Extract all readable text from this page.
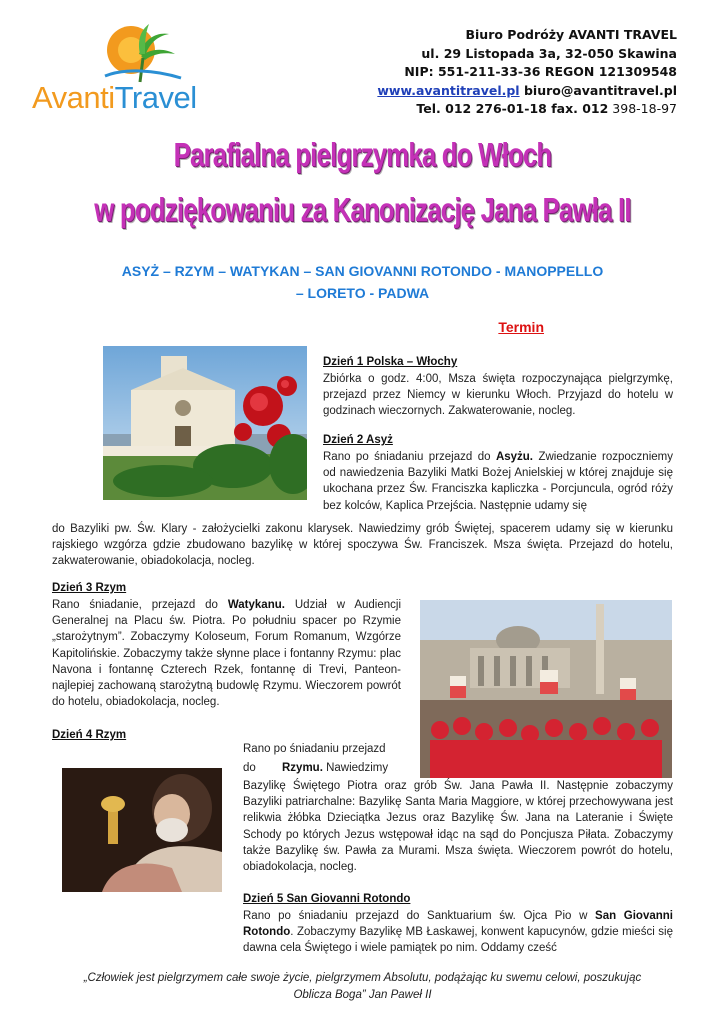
AvantiTravel
Biuro Podróży AVANTI TRAVEL
ul. 29 Listopada 3a, 32-050 Skawina
NIP: 551-211-33-36 REGON 121309548
www.avantitravel.pl biuro@avantitravel.pl
Tel. 012 276-01-18 fax. 012 398-18-97
Parafialna pielgrzymka do Włoch
w podziękowaniu za Kanonizację Jana Pawła II
ASYŻ – RZYM – WATYKAN – SAN GIOVANNI ROTONDO - MANOPPELLO
– LORETO - PADWA
Termin
Dzień 1 Polska – Włochy
Zbiórka o godz. 4:00, Msza święta rozpoczynająca pielgrzymkę, przejazd przez Niemcy w kierunku Włoch. Przyjazd do hotelu w godzinach wieczornych. Zakwaterowanie, nocleg.
Dzień 2 Asyż
Rano po śniadaniu przejazd do Asyżu. Zwiedzanie rozpoczniemy od nawiedzenia Bazyliki Matki Bożej Anielskiej w której znajduje się ukochana przez Św. Franciszka kapliczka - Porcjuncula, ogród róży bez kolców, Kaplica Przejścia. Następnie udamy się
do Bazyliki pw. Św. Klary - założycielki zakonu klarysek. Nawiedzimy grób Świętej, spacerem udamy się w kierunku rajskiego wzgórza gdzie zbudowano bazylikę w której spoczywa Św. Franciszek. Msza święta. Przejazd do hotelu, zakwaterowanie, obiadokolacja, nocleg.
Dzień 3 Rzym
Rano śniadanie, przejazd do Watykanu. Udział w Audiencji Generalnej na Placu św. Piotra. Po południu spacer po Rzymie „starożytnym”. Zobaczymy Koloseum, Forum Romanum, Wzgórze Kapitolińskie. Zobaczymy także słynne place i fontanny Rzymu: plac Navona i fontannę Czterech Rzek, fontannę di Trevi, Panteon- najlepiej zachowaną starożytną budowlę Rzymu. Wieczorem powrót do hotelu, obiadokolacja, nocleg.
Dzień 4 Rzym
Rano po śniadaniu przejazd
do Rzymu. Nawiedzimy
Bazylikę Świętego Piotra oraz grób Św. Jana Pawła II. Następnie zobaczymy Bazyliki patriarchalne: Bazylikę Santa Maria Maggiore, w której przechowywana jest relikwia żłóbka Dzieciątka Jezus oraz Bazylikę Św. Jana na Lateranie i Święte Schody po których Jezus wstępował idąc na sąd do Poncjusza Piłata. Zobaczymy także Bazylikę św. Pawła za Murami. Msza święta. Wieczorem powrót do hotelu, obiadokolacja, nocleg.
Dzień 5 San Giovanni Rotondo
Rano po śniadaniu przejazd do Sanktuarium św. Ojca Pio w San Giovanni Rotondo. Zobaczymy Bazylikę MB Łaskawej, konwent kapucynów, gdzie mieści się dawna cela Świętego i wiele pamiątek po nim. Oddamy cześć
„Człowiek jest pielgrzymem całe swoje życie, pielgrzymem Absolutu, podążając ku swemu celowi, poszukując
Oblicza Boga” Jan Paweł II
